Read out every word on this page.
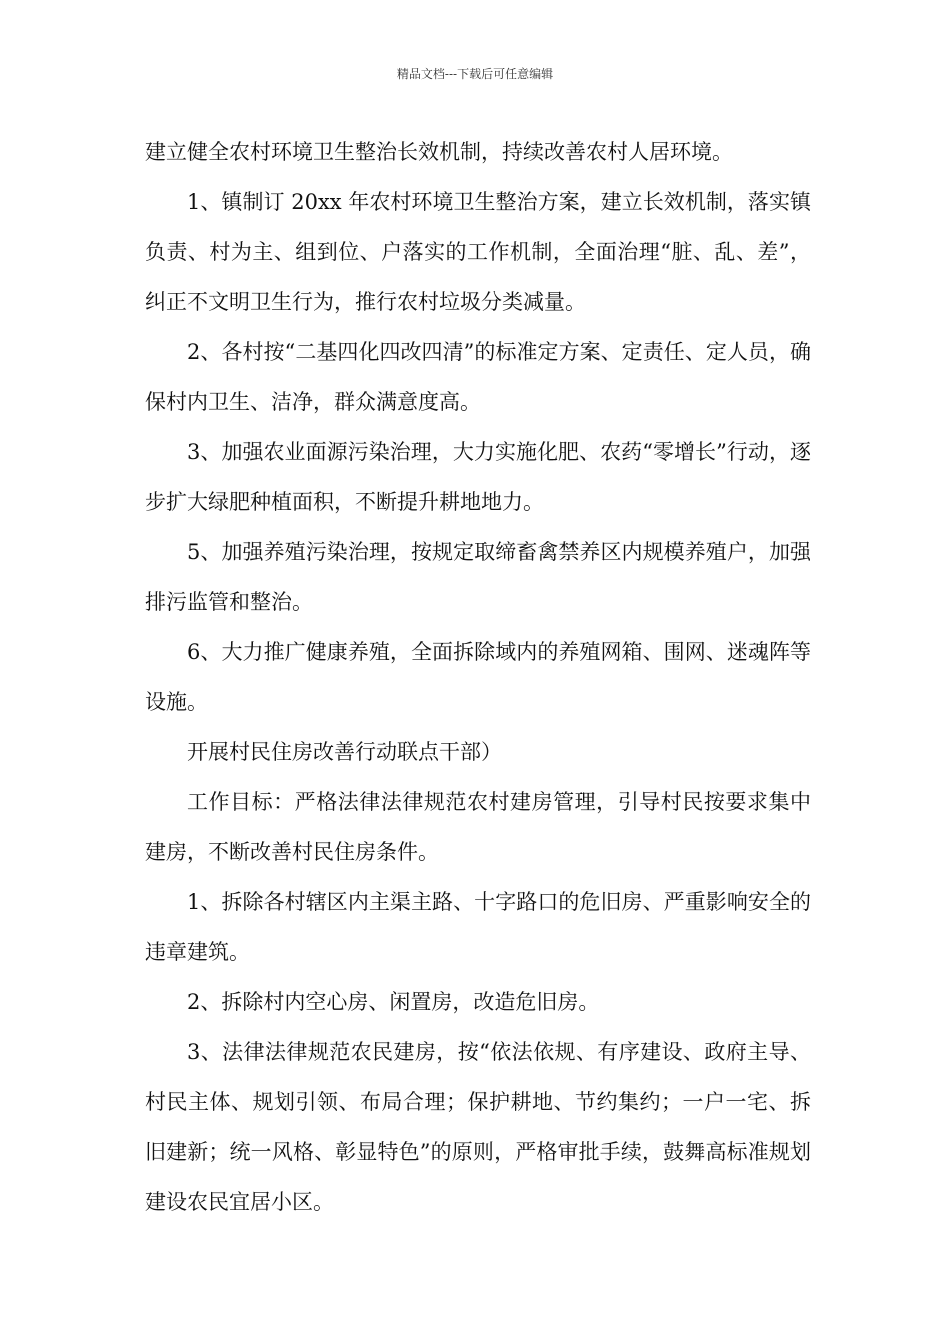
精品文档---下载后可任意编辑

建立健全农村环境卫生整治长效机制，持续改善农村人居环境。

1、镇制订 20xx 年农村环境卫生整治方案，建立长效机制，落实镇负责、村为主、组到位、户落实的工作机制，全面治理“脏、乱、差”，纠正不文明卫生行为，推行农村垃圾分类减量。

2、各村按“二基四化四改四清”的标准定方案、定责任、定人员，确保村内卫生、洁净，群众满意度高。

3、加强农业面源污染治理，大力实施化肥、农药“零增长”行动，逐步扩大绿肥种植面积，不断提升耕地地力。

5、加强养殖污染治理，按规定取缔畜禽禁养区内规模养殖户，加强排污监管和整治。

6、大力推广健康养殖，全面拆除域内的养殖网箱、围网、迷魂阵等设施。

开展村民住房改善行动联点干部）

工作目标：严格法律法律规范农村建房管理，引导村民按要求集中建房，不断改善村民住房条件。

1、拆除各村辖区内主渠主路、十字路口的危旧房、严重影响安全的违章建筑。

2、拆除村内空心房、闲置房，改造危旧房。

3、法律法律规范农民建房，按“依法依规、有序建设、政府主导、村民主体、规划引领、布局合理；保护耕地、节约集约；一户一宅、拆旧建新；统一风格、彰显特色”的原则，严格审批手续，鼓舞高标准规划建设农民宜居小区。
